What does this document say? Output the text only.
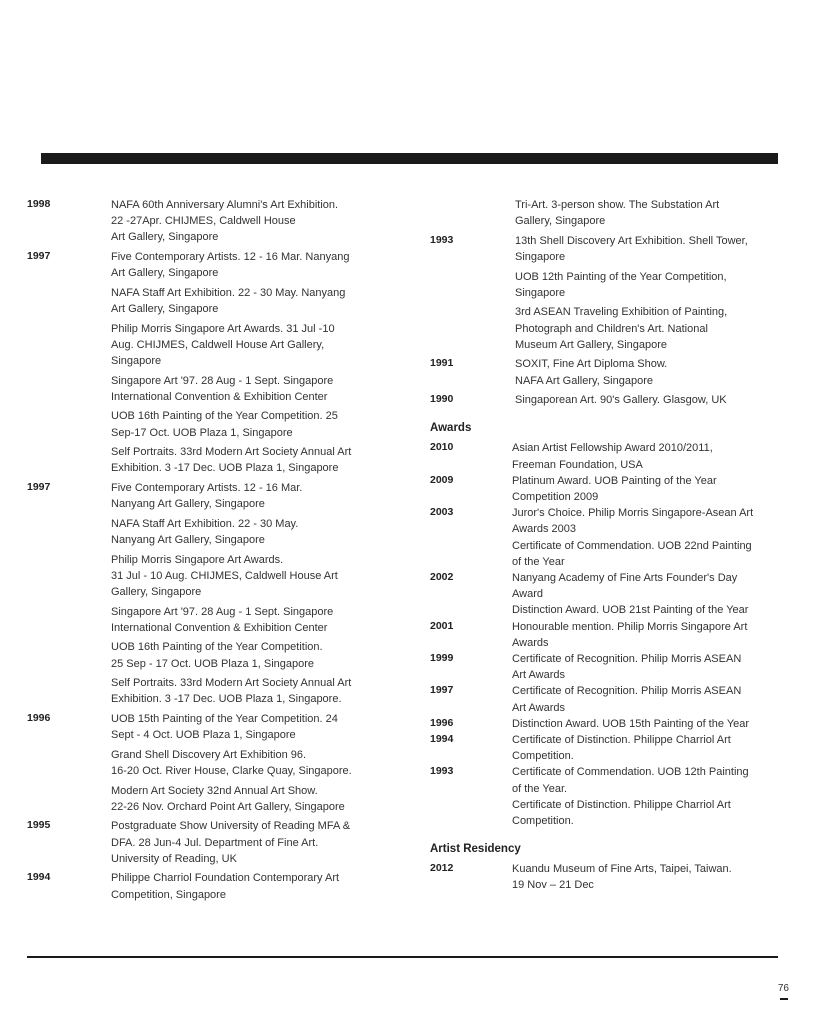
1998	NAFA 60th Anniversary Alumni's Art Exhibition.
22 -27Apr. CHIJMES, Caldwell House
Art Gallery, Singapore
1997	Five Contemporary Artists. 12 - 16 Mar. Nanyang
Art Gallery, Singapore
NAFA Staff Art Exhibition. 22 - 30 May. Nanyang
Art Gallery, Singapore
Philip Morris Singapore Art Awards. 31 Jul -10
Aug. CHIJMES, Caldwell House Art Gallery,
Singapore
Singapore Art '97. 28 Aug - 1 Sept. Singapore
International Convention & Exhibition Center
UOB 16th Painting of the Year Competition. 25
Sep-17 Oct. UOB Plaza 1, Singapore
Self Portraits. 33rd Modern Art Society Annual Art
Exhibition. 3 -17 Dec. UOB Plaza 1, Singapore
1997	Five Contemporary Artists. 12 - 16 Mar.
Nanyang Art Gallery, Singapore
NAFA Staff Art Exhibition. 22 - 30 May.
Nanyang Art Gallery, Singapore
Philip Morris Singapore Art Awards.
31 Jul - 10 Aug. CHIJMES, Caldwell House Art
Gallery, Singapore
Singapore Art '97. 28 Aug - 1 Sept. Singapore
International Convention & Exhibition Center
UOB 16th Painting of the Year Competition.
25 Sep - 17 Oct. UOB Plaza 1, Singapore
Self Portraits. 33rd Modern Art Society Annual Art
Exhibition. 3 -17 Dec. UOB Plaza 1, Singapore.
1996	UOB 15th Painting of the Year Competition. 24
Sept - 4 Oct. UOB Plaza 1, Singapore
Grand Shell Discovery Art Exhibition 96.
16-20 Oct. River House, Clarke Quay, Singapore.
Modern Art Society 32nd Annual Art Show.
22-26 Nov. Orchard Point Art Gallery, Singapore
1995	Postgraduate Show University of Reading MFA &
DFA. 28 Jun-4 Jul. Department of Fine Art.
University of Reading, UK
1994	Philippe Charriol Foundation Contemporary Art
Competition, Singapore
Tri-Art. 3-person show. The Substation Art
Gallery, Singapore
1993	13th Shell Discovery Art Exhibition. Shell Tower,
Singapore
UOB 12th Painting of the Year Competition,
Singapore
3rd ASEAN Traveling Exhibition of Painting,
Photograph and Children's Art. National
Museum Art Gallery, Singapore
1991	SOXIT, Fine Art Diploma Show.
NAFA Art Gallery, Singapore
1990	Singaporean Art. 90's Gallery. Glasgow, UK
Awards
2010	Asian Artist Fellowship Award 2010/2011,
Freeman Foundation, USA
2009	Platinum Award. UOB Painting of the Year
Competition 2009
2003	Juror's Choice. Philip Morris Singapore-Asean Art
Awards 2003
Certificate of Commendation. UOB 22nd Painting
of the Year
2002	Nanyang Academy of Fine Arts Founder's Day
Award
Distinction Award. UOB 21st Painting of the Year
2001	Honourable mention. Philip Morris Singapore Art
Awards
1999	Certificate of Recognition. Philip Morris ASEAN
Art Awards
1997	Certificate of Recognition. Philip Morris ASEAN
Art Awards
1996	Distinction Award. UOB 15th Painting of the Year
1994	Certificate of Distinction. Philippe Charriol Art
Competition.
1993	Certificate of Commendation. UOB 12th Painting
of the Year.
Certificate of Distinction. Philippe Charriol Art
Competition.
Artist Residency
2012	Kuandu Museum of Fine Arts, Taipei, Taiwan.
19 Nov – 21 Dec
76
